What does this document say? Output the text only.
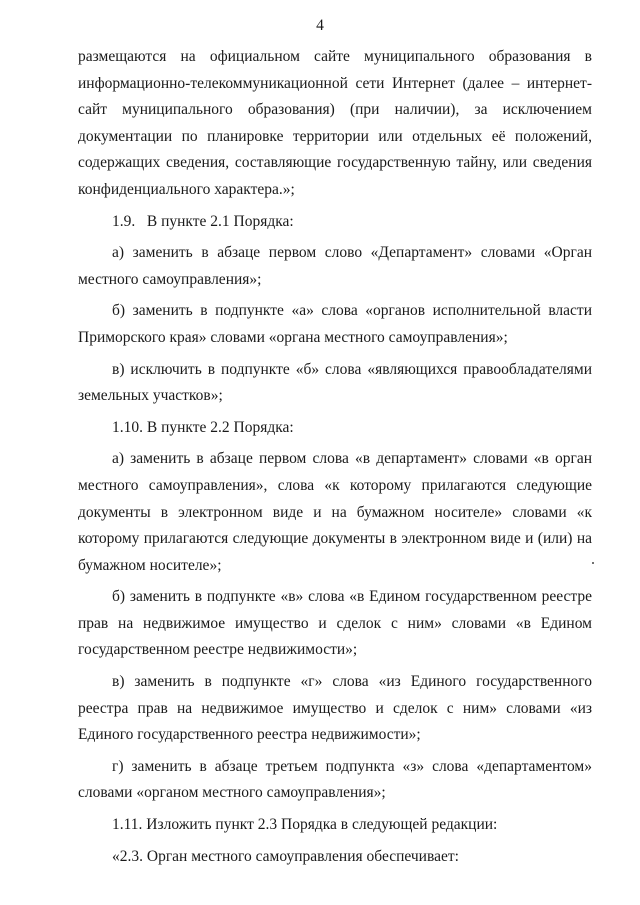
4

размещаются на официальном сайте муниципального образования в информационно-телекоммуникационной сети Интернет (далее – интернет-сайт муниципального образования) (при наличии), за исключением документации по планировке территории или отдельных её положений, содержащих сведения, составляющие государственную тайну, или сведения конфиденциального характера.»;

1.9.   В пункте 2.1 Порядка:

а) заменить в абзаце первом слово «Департамент» словами «Орган местного самоуправления»;

б) заменить в подпункте «а» слова «органов исполнительной власти Приморского края» словами «органа местного самоуправления»;

в) исключить в подпункте «б» слова «являющихся правообладателями земельных участков»;

1.10. В пункте 2.2 Порядка:

а) заменить в абзаце первом слова «в департамент» словами «в орган местного самоуправления», слова «к которому прилагаются следующие документы в электронном виде и на бумажном носителе» словами «к которому прилагаются следующие документы в электронном виде и (или) на бумажном носителе»;

б) заменить в подпункте «в» слова «в Едином государственном реестре прав на недвижимое имущество и сделок с ним» словами «в Едином государственном реестре недвижимости»;

в) заменить в подпункте «г» слова «из Единого государственного реестра прав на недвижимое имущество и сделок с ним» словами «из Единого государственного реестра недвижимости»;

г) заменить в абзаце третьем подпункта «з» слова «департаментом» словами «органом местного самоуправления»;

1.11. Изложить пункт 2.3 Порядка в следующей редакции:

«2.3. Орган местного самоуправления обеспечивает:
